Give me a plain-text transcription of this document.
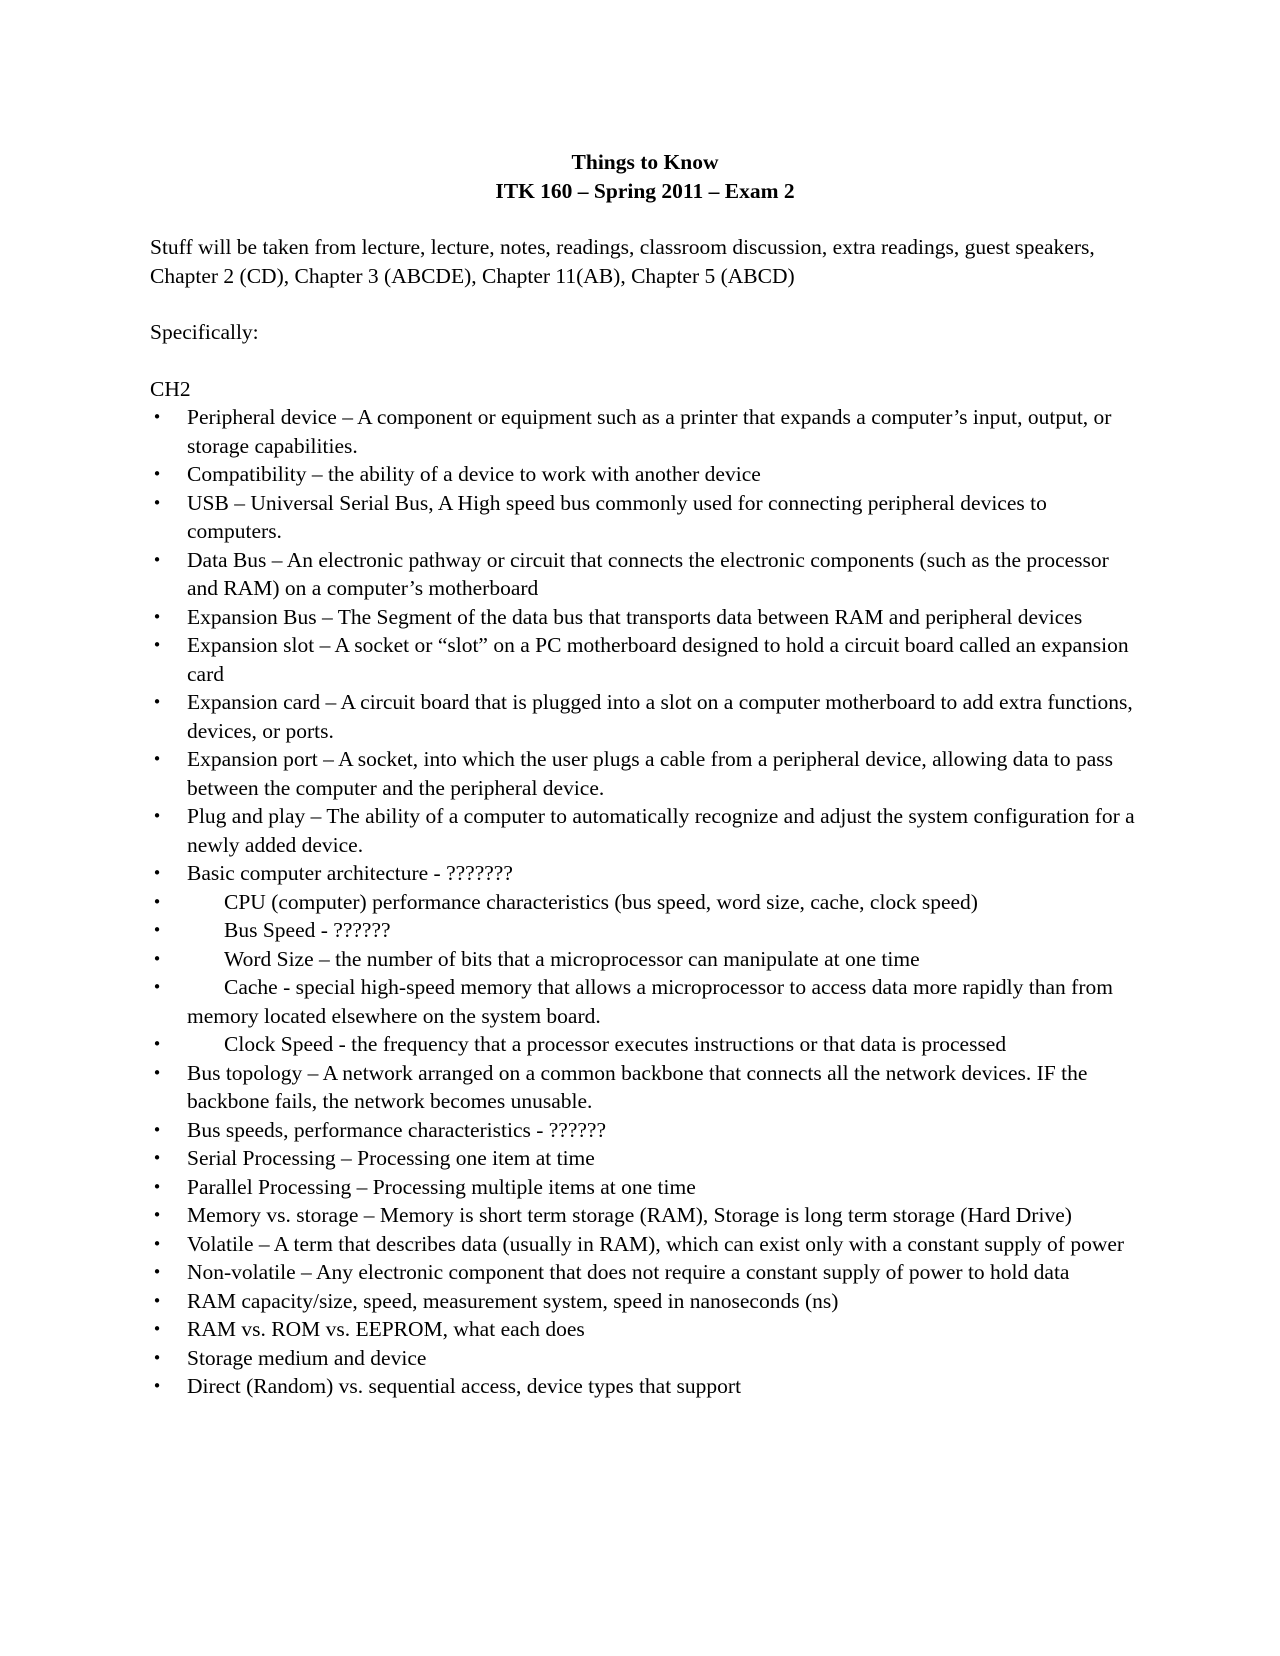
Things to Know

ITK 160 – Spring 2011 – Exam 2

Stuff will be taken from lecture, lecture, notes, readings, classroom discussion, extra readings, guest speakers, Chapter 2 (CD), Chapter 3 (ABCDE), Chapter 11(AB), Chapter 5 (ABCD)
Specifically:
CH2
• Peripheral device – A component or equipment such as a printer that expands a computer’s input, output, or storage capabilities.
• Compatibility – the ability of a device to work with another device
• USB – Universal Serial Bus, A High speed bus commonly used for connecting peripheral devices to computers.
• Data Bus – An electronic pathway or circuit that connects the electronic components (such as the processor and RAM) on a computer’s motherboard
• Expansion Bus – The Segment of the data bus that transports data between RAM and peripheral devices
• Expansion slot – A socket or “slot” on a PC motherboard designed to hold a circuit board called an expansion card
• Expansion card – A circuit board that is plugged into a slot on a computer motherboard to add extra functions, devices, or ports.
• Expansion port – A socket, into which the user plugs a cable from a peripheral device, allowing data to pass between the computer and the peripheral device.
• Plug and play – The ability of a computer to automatically recognize and adjust the system configuration for a newly added device.
• Basic computer architecture - ???????
•	CPU (computer) performance characteristics (bus speed, word size, cache, clock speed)
•	Bus Speed - ??????
•	Word Size – the number of bits that a microprocessor can manipulate at one time
•	Cache - special high-speed memory that allows a microprocessor to access data more rapidly than from memory located elsewhere on the system board.
•	Clock Speed - the frequency that a processor executes instructions or that data is processed
• Bus topology – A network arranged on a common backbone that connects all the network devices. IF the backbone fails, the network becomes unusable.
• Bus speeds, performance characteristics - ??????
• Serial Processing – Processing one item at time
• Parallel Processing – Processing multiple items at one time
• Memory vs. storage – Memory is short term storage (RAM), Storage is long term storage (Hard Drive)
• Volatile – A term that describes data (usually in RAM), which can exist only with a constant supply of power
• Non-volatile – Any electronic component that does not require a constant supply of power to hold data
• RAM capacity/size, speed, measurement system, speed in nanoseconds (ns)
• RAM vs. ROM vs. EEPROM, what each does
• Storage medium and device
• Direct (Random) vs. sequential access, device types that support
